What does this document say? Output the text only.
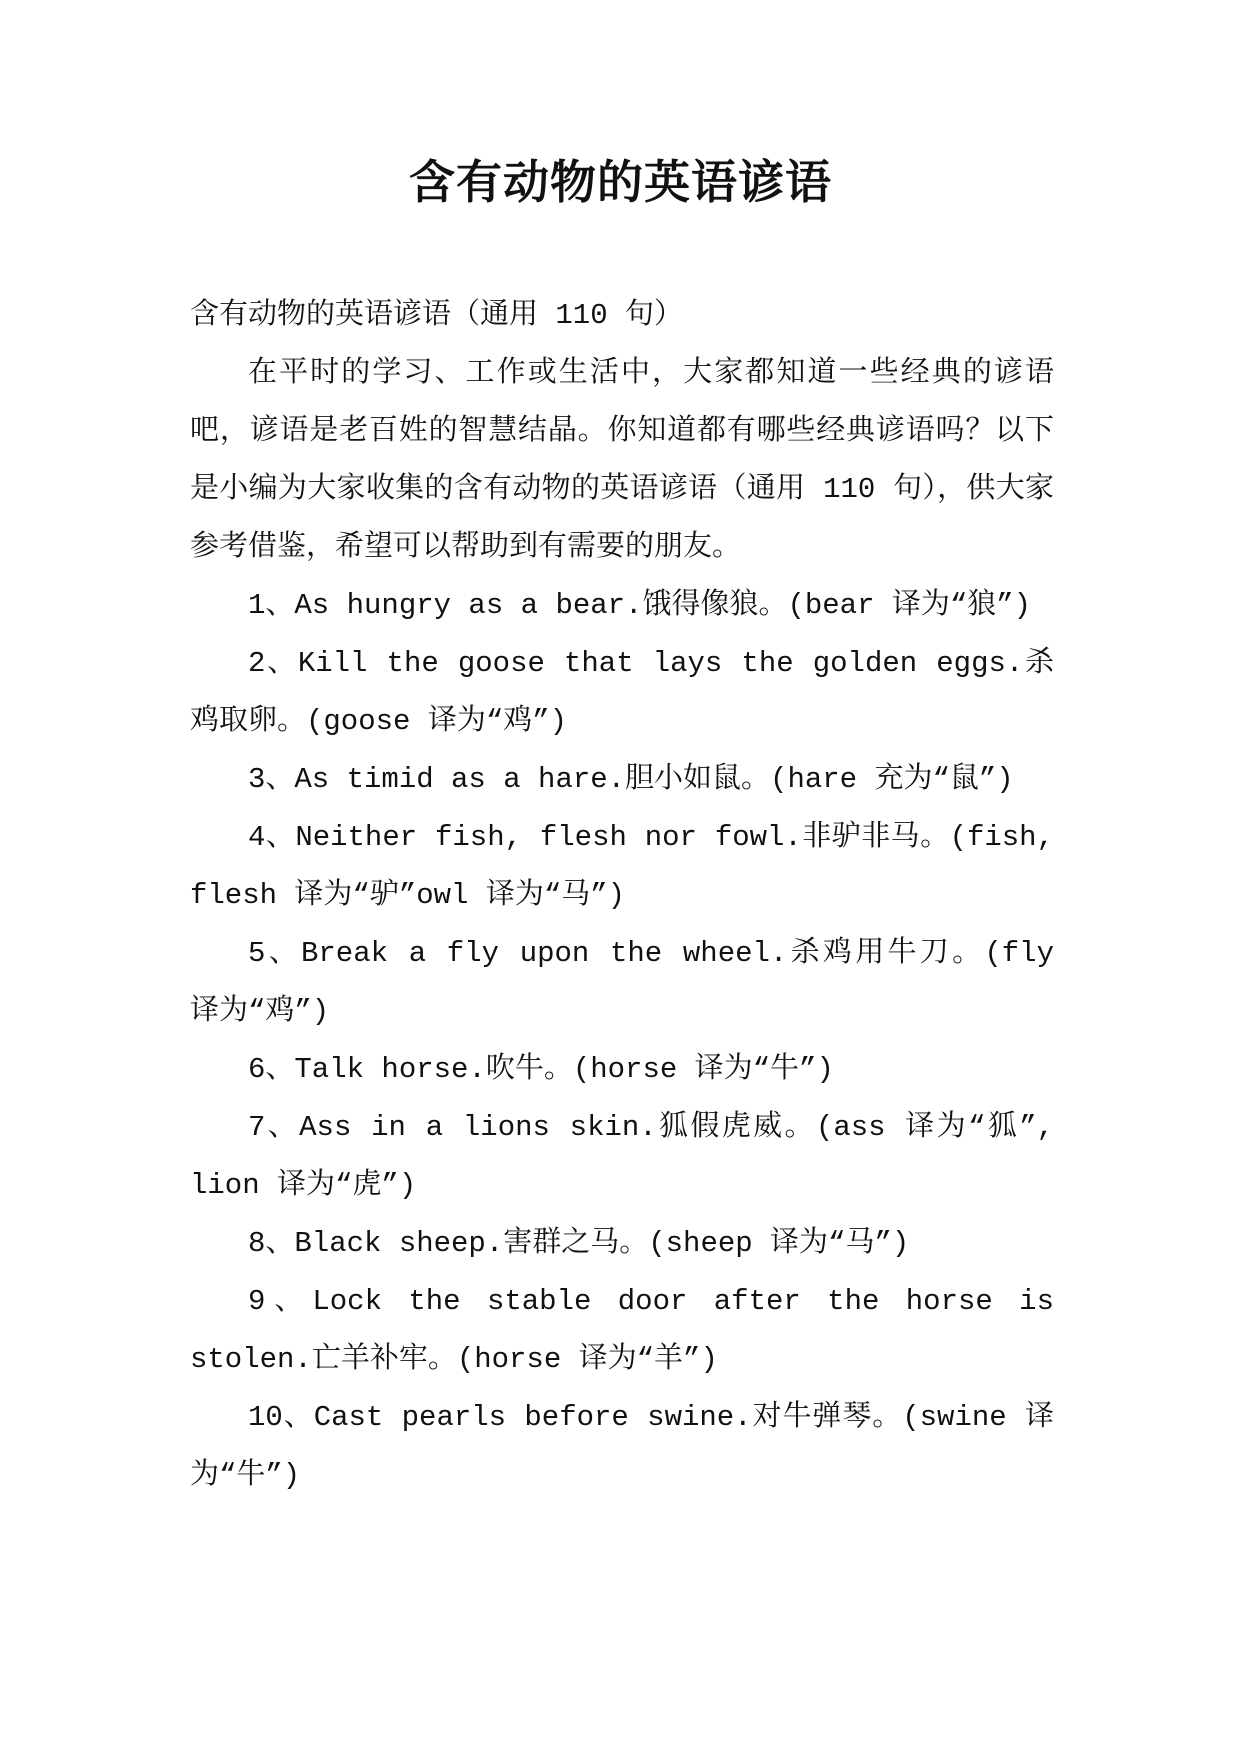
含有动物的英语谚语

含有动物的英语谚语（通用 110 句）

在平时的学习、工作或生活中，大家都知道一些经典的谚语吧，谚语是老百姓的智慧结晶。你知道都有哪些经典谚语吗？以下是小编为大家收集的含有动物的英语谚语（通用 110 句），供大家参考借鉴，希望可以帮助到有需要的朋友。

1、As hungry as a bear.饿得像狼。(bear 译为“狼”)

2、Kill the goose that lays the golden eggs.杀鸡取卵。(goose 译为“鸡”)

3、As timid as a hare.胆小如鼠。(hare 充为“鼠”)

4、Neither fish, flesh nor fowl.非驴非马。(fish, flesh 译为“驴”owl 译为“马”)

5、Break a fly upon the wheel.杀鸡用牛刀。(fly 译为“鸡”)

6、Talk horse.吹牛。(horse 译为“牛”)

7、Ass in a lions skin.狐假虎威。(ass 译为“狐”, lion 译为“虎”)

8、Black sheep.害群之马。(sheep 译为“马”)

9、Lock the stable door after the horse is stolen.亡羊补牢。(horse 译为“羊”)

10、Cast pearls before swine.对牛弹琴。(swine 译为“牛”)
